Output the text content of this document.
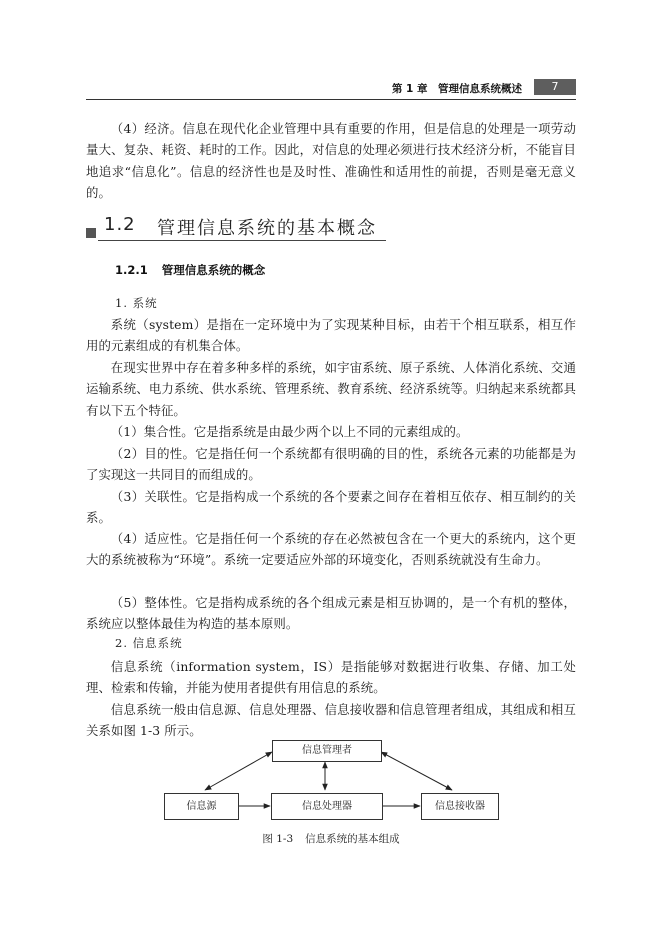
第 1 章　管理信息系统概述	7

（4）经济。信息在现代化企业管理中具有重要的作用，但是信息的处理是一项劳动量大、复杂、耗资、耗时的工作。因此，对信息的处理必须进行技术经济分析，不能盲目地追求“信息化”。信息的经济性也是及时性、准确性和适用性的前提，否则是毫无意义的。

1.2 管理信息系统的基本概念
1.2.1 管理信息系统的概念
1. 系统

系统（system）是指在一定环境中为了实现某种目标，由若干个相互联系，相互作用的元素组成的有机集合体。

在现实世界中存在着多种多样的系统，如宇宙系统、原子系统、人体消化系统、交通运输系统、电力系统、供水系统、管理系统、教育系统、经济系统等。归纳起来系统都具有以下五个特征。

（1）集合性。它是指系统是由最少两个以上不同的元素组成的。

（2）目的性。它是指任何一个系统都有很明确的目的性，系统各元素的功能都是为了实现这一共同目的而组成的。

（3）关联性。它是指构成一个系统的各个要素之间存在着相互依存、相互制约的关系。

（4）适应性。它是指任何一个系统的存在必然被包含在一个更大的系统内，这个更大的系统被称为“环境”。系统一定要适应外部的环境变化，否则系统就没有生命力。

（5）整体性。它是指构成系统的各个组成元素是相互协调的，是一个有机的整体，系统应以整体最佳为构造的基本原则。

2. 信息系统

信息系统（information system，IS）是指能够对数据进行收集、存储、加工处理、检索和传输，并能为使用者提供有用信息的系统。

信息系统一般由信息源、信息处理器、信息接收器和信息管理者组成，其组成和相互关系如图 1-3 所示。

信息管理者
信息源	信息处理器	信息接收器
图 1-3 信息系统的基本组成
